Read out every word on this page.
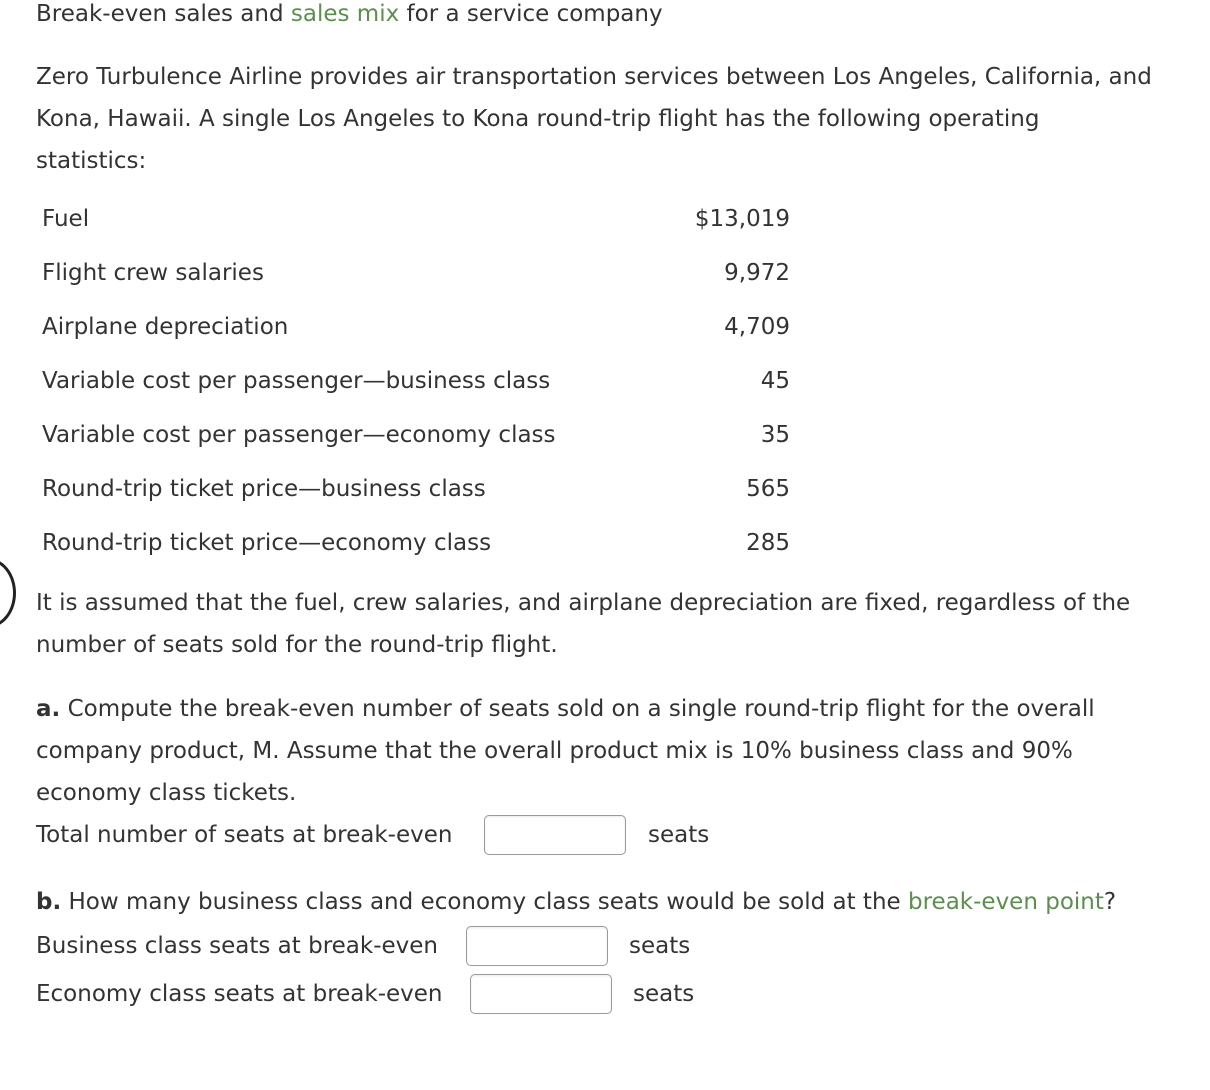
Break-even sales and sales mix for a service company
Zero Turbulence Airline provides air transportation services between Los Angeles, California, and
Kona, Hawaii. A single Los Angeles to Kona round-trip flight has the following operating
statistics:
Fuel	$13,019
Flight crew salaries	9,972
Airplane depreciation	4,709
Variable cost per passenger—business class	45
Variable cost per passenger—economy class	35
Round-trip ticket price—business class	565
Round-trip ticket price—economy class	285
It is assumed that the fuel, crew salaries, and airplane depreciation are fixed, regardless of the
number of seats sold for the round-trip flight.
a. Compute the break-even number of seats sold on a single round-trip flight for the overall
company product, M. Assume that the overall product mix is 10% business class and 90%
economy class tickets.
Total number of seats at break-even	seats
b. How many business class and economy class seats would be sold at the break-even point?
Business class seats at break-even	seats
Economy class seats at break-even	seats
